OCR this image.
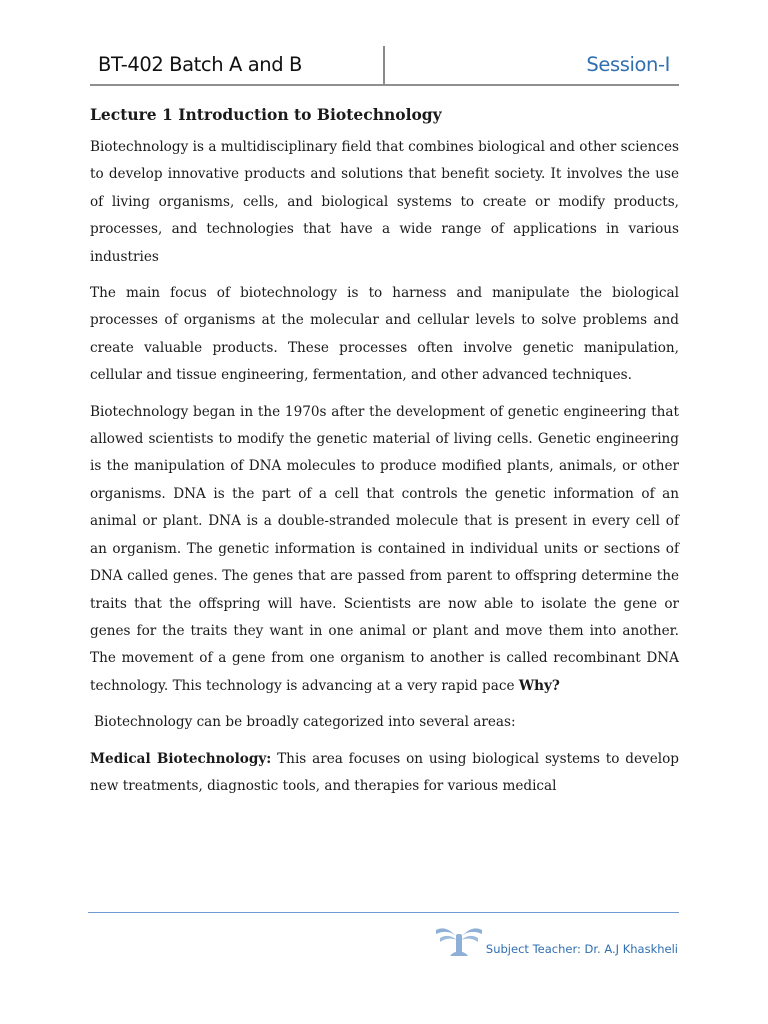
BT-402 Batch A and B	Session-I
Lecture 1 Introduction to Biotechnology

Biotechnology is a multidisciplinary field that combines biological and other sciences to develop innovative products and solutions that benefit society. It involves the use of living organisms, cells, and biological systems to create or modify products, processes, and technologies that have a wide range of applications in various industries

The main focus of biotechnology is to harness and manipulate the biological processes of organisms at the molecular and cellular levels to solve problems and create valuable products. These processes often involve genetic manipulation, cellular and tissue engineering, fermentation, and other advanced techniques.

Biotechnology began in the 1970s after the development of genetic engineering that allowed scientists to modify the genetic material of living cells. Genetic engineering is the manipulation of DNA molecules to produce modified plants, animals, or other organisms. DNA is the part of a cell that controls the genetic information of an animal or plant. DNA is a double-stranded molecule that is present in every cell of an organism. The genetic information is contained in individual units or sections of DNA called genes. The genes that are passed from parent to offspring determine the traits that the offspring will have. Scientists are now able to isolate the gene or genes for the traits they want in one animal or plant and move them into another. The movement of a gene from one organism to another is called recombinant DNA technology. This technology is advancing at a very rapid pace Why?

Biotechnology can be broadly categorized into several areas:

Medical Biotechnology: This area focuses on using biological systems to develop new treatments, diagnostic tools, and therapies for various medical

Subject Teacher: Dr. A.J Khaskheli
